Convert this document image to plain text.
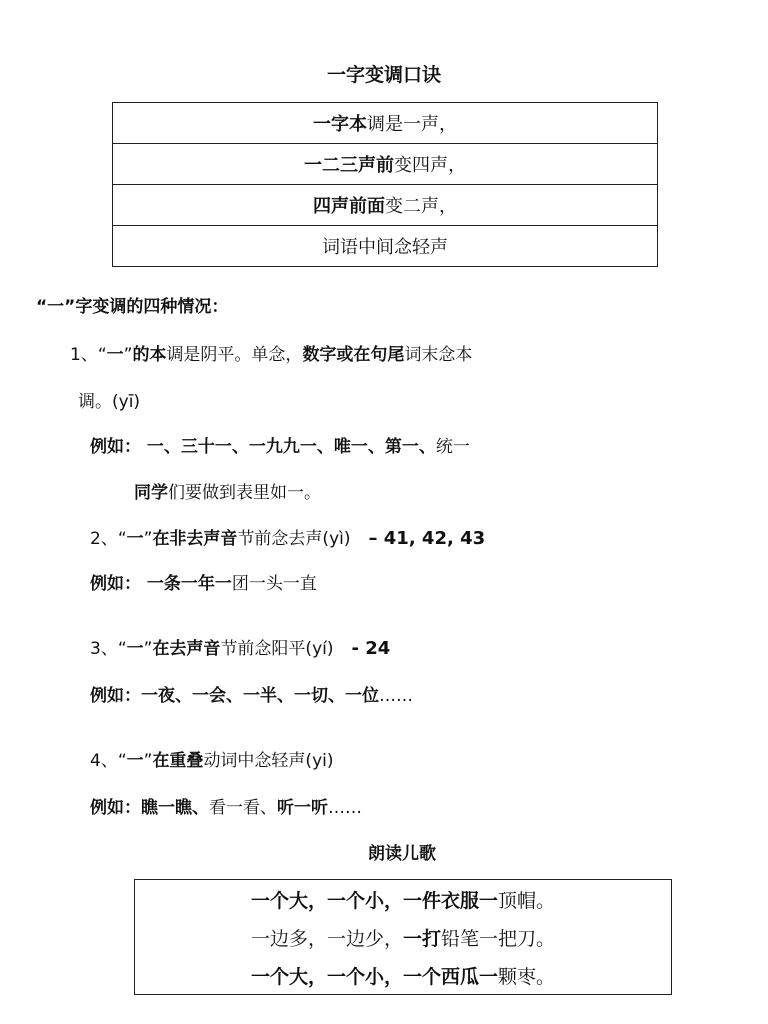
一字变调口诀
一字本 调是一声，
一二三声前 变四声，
四声前面 变二声，
词语中间念轻声
“一”字变调的四种情况：
1、“一”的本调是阴平。单念，数字或在句尾词末念本
调。(yī)
例如： 一、三十一、一九九一、唯一、第一、统一
同学们要做到表里如一。
2、“一”在非去声音节前念去声(yì) – 41, 42, 43
例如： 一条一年一团一头一直
3、“一”在去声音节前念阳平(yí) - 24
例如：一夜、一会、一半、一切、一位……
4、“一”在重叠动词中念轻声(yi)
例如：瞧一瞧、看一看、听一听……
朗读儿歌
一个大，一个小，一件衣服一 顶帽。
一边多，一边少， 一打 铅笔一把刀。
一个大，一个小，一个西瓜一 颗枣。
